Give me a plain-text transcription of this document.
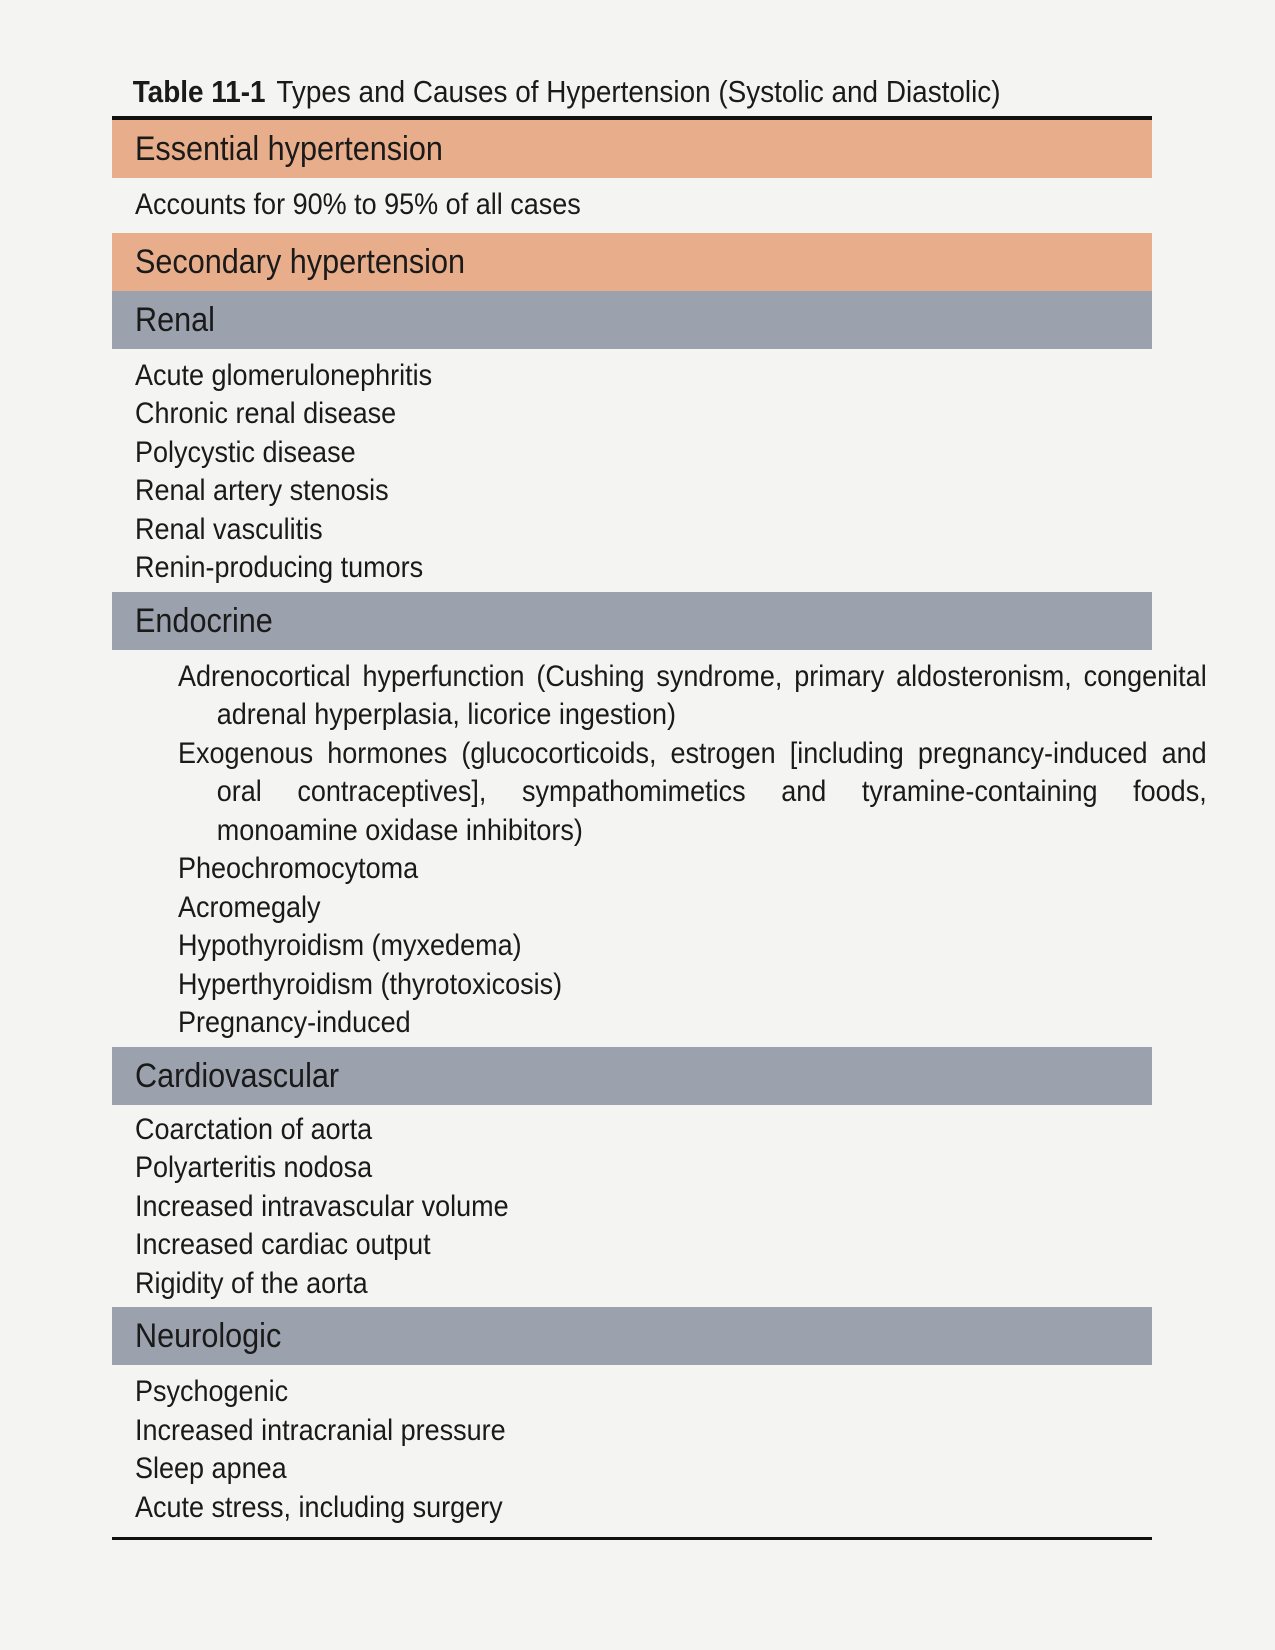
Table 11-1 Types and Causes of Hypertension (Systolic and Diastolic)
Essential hypertension
Accounts for 90% to 95% of all cases
Secondary hypertension
Renal
Acute glomerulonephritis
Chronic renal disease
Polycystic disease
Renal artery stenosis
Renal vasculitis
Renin-producing tumors
Endocrine
Adrenocortical hyperfunction (Cushing syndrome, primary aldosteronism, congenital adrenal hyperplasia, licorice ingestion)
Exogenous hormones (glucocorticoids, estrogen [including pregnancy-induced and oral contraceptives], sympathomimetics and tyramine-containing foods, monoamine oxidase inhibitors)
Pheochromocytoma
Acromegaly
Hypothyroidism (myxedema)
Hyperthyroidism (thyrotoxicosis)
Pregnancy-induced
Cardiovascular
Coarctation of aorta
Polyarteritis nodosa
Increased intravascular volume
Increased cardiac output
Rigidity of the aorta
Neurologic
Psychogenic
Increased intracranial pressure
Sleep apnea
Acute stress, including surgery
